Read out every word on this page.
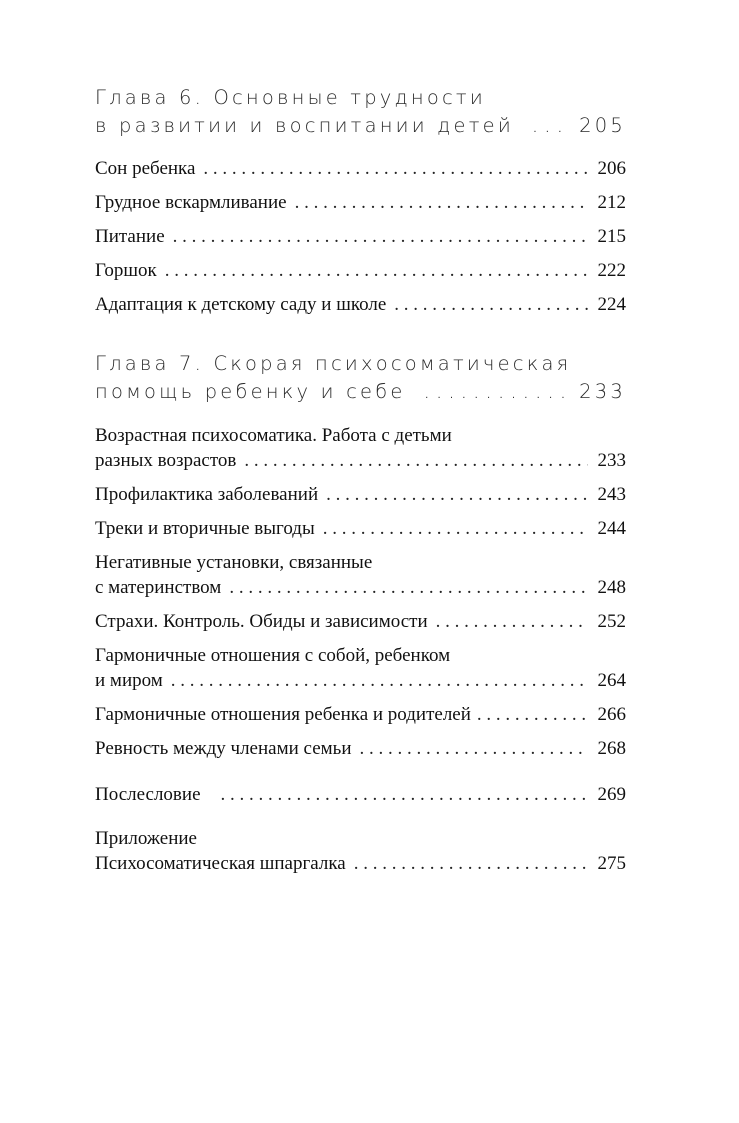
Глава 6. Основные трудности
в развитии и воспитании детей . . .	205
Сон ребенка . . .	206
Грудное вскармливание . . .	212
Питание . . .	215
Горшок . . .	222
Адаптация к детскому саду и школе . . .	224
Глава 7. Скорая психосоматическая
помощь ребенку и себе . . .	233
Возрастная психосоматика. Работа с детьми
разных возрастов . . .	233
Профилактика заболеваний . . .	243
Треки и вторичные выгоды . . .	244
Негативные установки, связанные
с материнством . . .	248
Страхи. Контроль. Обиды и зависимости . . .	252
Гармоничные отношения с собой, ребенком
и миром . . .	264
Гармоничные отношения ребенка и родителей . . .	266
Ревность между членами семьи . . .	268
Послесловие . . .	269
Приложение
Психосоматическая шпаргалка . . .	275
